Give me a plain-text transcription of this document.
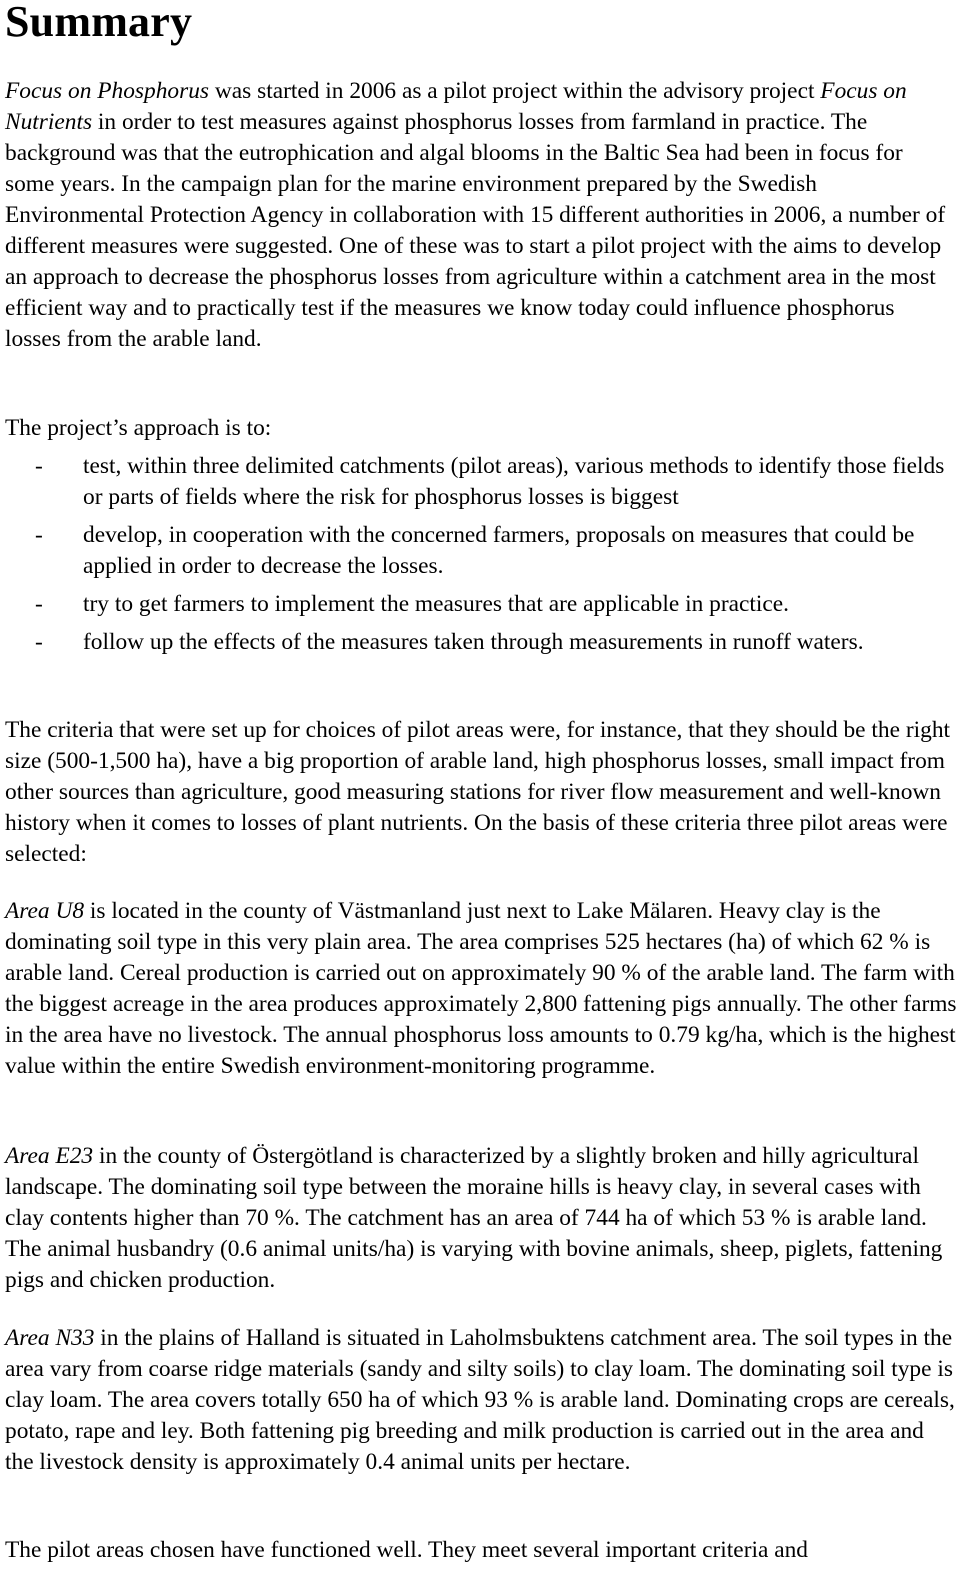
Summary

Focus on Phosphorus was started in 2006 as a pilot project within the advisory project Focus on Nutrients in order to test measures against phosphorus losses from farmland in practice. The background was that the eutrophication and algal blooms in the Baltic Sea had been in focus for some years. In the campaign plan for the marine environment prepared by the Swedish Environmental Protection Agency in collaboration with 15 different authorities in 2006, a number of different measures were suggested. One of these was to start a pilot project with the aims to develop an approach to decrease the phosphorus losses from agriculture within a catchment area in the most efficient way and to practically test if the measures we know today could influence phosphorus losses from the arable land.

The project’s approach is to:

- test, within three delimited catchments (pilot areas), various methods to identify those fields or parts of fields where the risk for phosphorus losses is biggest
- develop, in cooperation with the concerned farmers, proposals on measures that could be applied in order to decrease the losses.
- try to get farmers to implement the measures that are applicable in practice.
- follow up the effects of the measures taken through measurements in runoff waters.

The criteria that were set up for choices of pilot areas were, for instance, that they should be the right size (500-1,500 ha), have a big proportion of arable land, high phosphorus losses, small impact from other sources than agriculture, good measuring stations for river flow measurement and well-known history when it comes to losses of plant nutrients. On the basis of these criteria three pilot areas were selected:

Area U8 is located in the county of Västmanland just next to Lake Mälaren. Heavy clay is the dominating soil type in this very plain area. The area comprises 525 hectares (ha) of which 62 % is arable land. Cereal production is carried out on approximately 90 % of the arable land. The farm with the biggest acreage in the area produces approximately 2,800 fattening pigs annually. The other farms in the area have no livestock. The annual phosphorus loss amounts to 0.79 kg/ha, which is the highest value within the entire Swedish environment-monitoring programme.

Area E23 in the county of Östergötland is characterized by a slightly broken and hilly agricultural landscape. The dominating soil type between the moraine hills is heavy clay, in several cases with clay contents higher than 70 %. The catchment has an area of 744 ha of which 53 % is arable land. The animal husbandry (0.6 animal units/ha) is varying with bovine animals, sheep, piglets, fattening pigs and chicken production.

Area N33 in the plains of Halland is situated in Laholmsbuktens catchment area. The soil types in the area vary from coarse ridge materials (sandy and silty soils) to clay loam. The dominating soil type is clay loam. The area covers totally 650 ha of which 93 % is arable land. Dominating crops are cereals, potato, rape and ley. Both fattening pig breeding and milk production is carried out in the area and the livestock density is approximately 0.4 animal units per hectare.

The pilot areas chosen have functioned well. They meet several important criteria and
